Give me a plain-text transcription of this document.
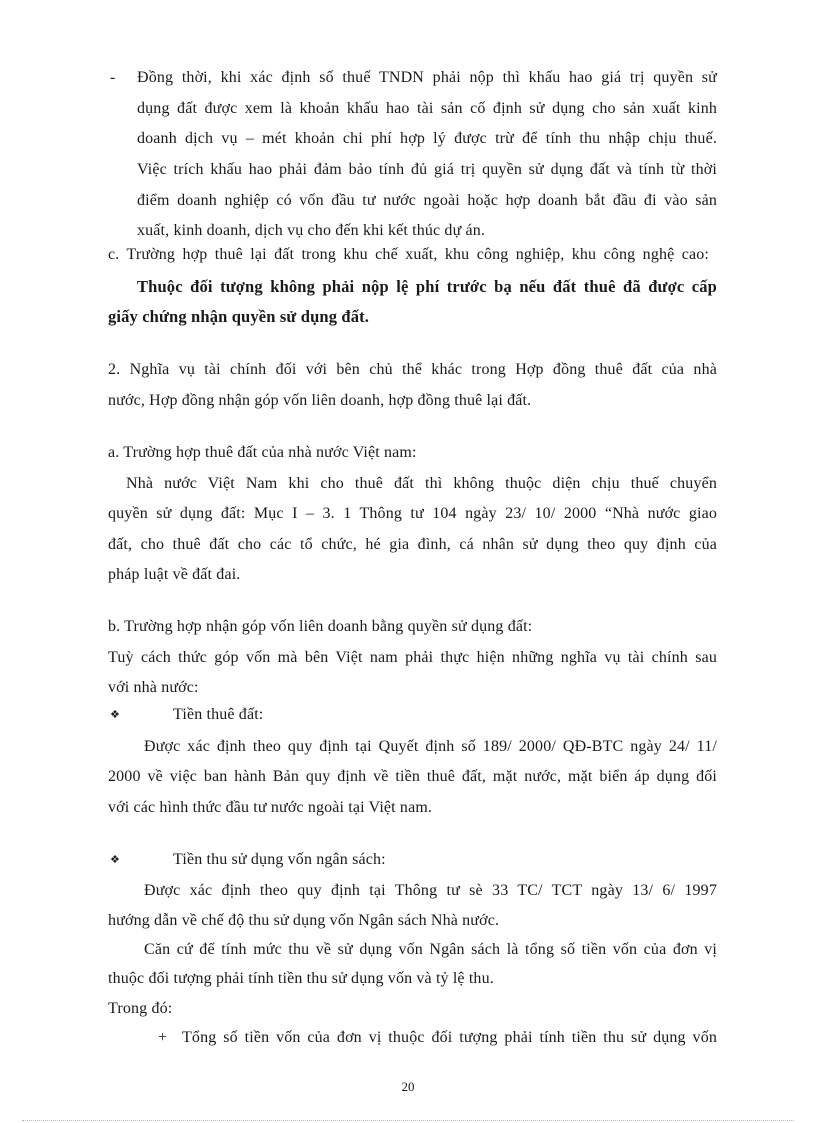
- Đồng thời, khi xác định số thuế TNDN phải nộp thì khấu hao giá trị quyền sử
dụng đất được xem là khoản khấu hao tài sản cố định sử dụng cho sản xuất kinh
doanh dịch vụ – mét khoản chi phí hợp lý được trừ để tính thu nhập chịu thuế.
Việc trích khấu hao phải đảm bảo tính đủ giá trị quyền sử dụng đất và tính từ thời
điểm doanh nghiệp có vốn đầu tư nước ngoài hoặc hợp doanh bắt đầu đi vào sản
xuất, kinh doanh, dịch vụ cho đến khi kết thúc dự án.
c. Trường hợp thuê lại đất trong khu chế xuất, khu công nghiệp, khu công nghệ cao:
Thuộc đối tượng không phải nộp lệ phí trước bạ nếu đất thuê đã được cấp
giấy chứng nhận quyền sử dụng đất.
2. Nghĩa vụ tài chính đối với bên chủ thể khác trong Hợp đồng thuê đất của nhà
nước, Hợp đồng nhận góp vốn liên doanh, hợp đồng thuê lại đất.
a. Trường hợp thuê đất của nhà nước Việt nam:
Nhà nước Việt Nam khi cho thuê đất thì không thuộc diện chịu thuế chuyển
quyền sử dụng đất: Mục I – 3. 1 Thông tư 104 ngày 23/ 10/ 2000 “Nhà nước giao
đất, cho thuê đất cho các tổ chức, hé gia đình, cá nhân sử dụng theo quy định của
pháp luật về đất đai.
b. Trường hợp nhận góp vốn liên doanh bằng quyền sử dụng đất:
Tuỳ cách thức góp vốn mà bên Việt nam phải thực hiện những nghĩa vụ tài chính sau
với nhà nước:
❖	Tiền thuê đất:
Được xác định theo quy định tại Quyết định số 189/ 2000/ QĐ-BTC ngày 24/ 11/
2000 về việc ban hành Bản quy định về tiền thuê đất, mặt nước, mặt biển áp dụng đối
với các hình thức đầu tư nước ngoài tại Việt nam.
❖	Tiền thu sử dụng vốn ngân sách:
Được xác định theo quy định tại Thông tư sè 33 TC/ TCT ngày 13/ 6/ 1997
hướng dẫn về chế độ thu sử dụng vốn Ngân sách Nhà nước.
Căn cứ để tính mức thu về sử dụng vốn Ngân sách là tổng số tiền vốn của đơn vị
thuộc đối tượng phải tính tiền thu sử dụng vốn và tỷ lệ thu.
Trong đó:
+ Tổng số tiền vốn của đơn vị thuộc đối tượng phải tính tiền thu sử dụng vốn
20
